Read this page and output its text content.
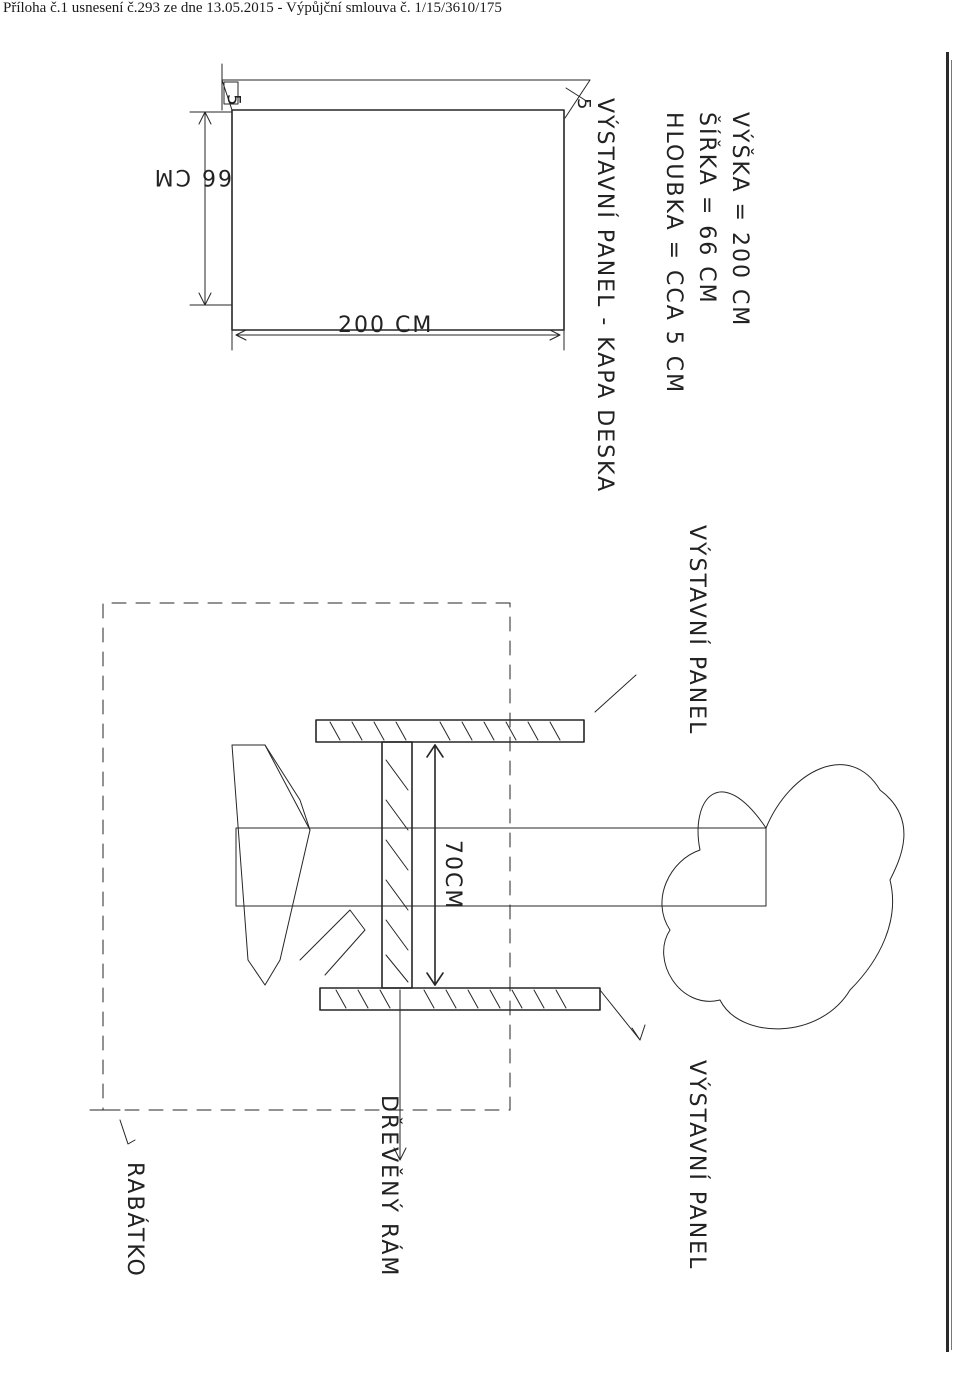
Příloha č.1 usnesení č.293 ze dne 13.05.2015 - Výpůjční smlouva č. 1/15/3610/175
5	5
66 CM
200 CM	VÝŠKA = 200 CM
ŠÍŘKA = 66 CM
HLOUBKA = CCA 5 CM
VÝSTAVNÍ PANEL - KAPA DESKA
70CM
VÝSTAVNÍ PANEL
DŘEVĚNÝ RÁM	VÝSTAVNÍ PANEL
RABÁTKO
